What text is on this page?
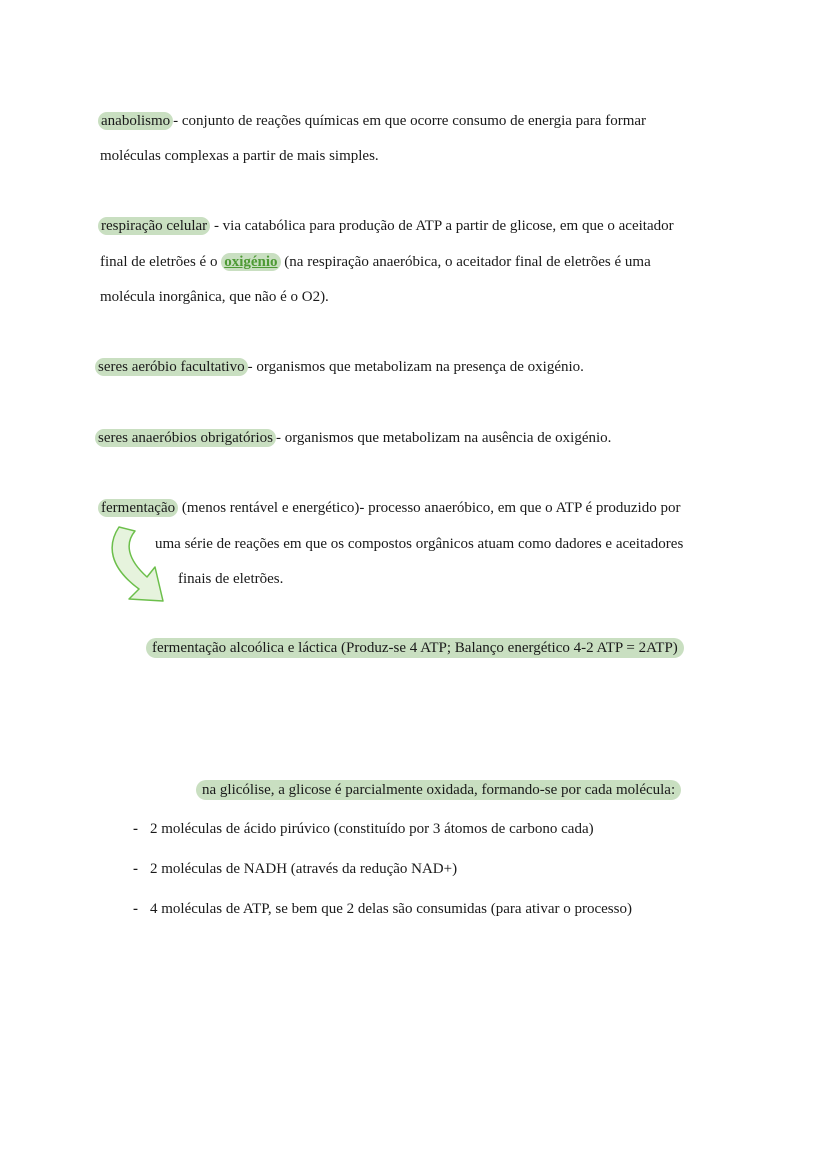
anabolismo - conjunto de reações químicas em que ocorre consumo de energia para formar
moléculas complexas a partir de mais simples.
respiração celular - via catabólica para produção de ATP a partir de glicose, em que o aceitador
final de eletrões é o oxigénio (na respiração anaeróbica, o aceitador final de eletrões é uma
molécula inorgânica, que não é o O2).
seres aeróbio facultativo - organismos que metabolizam na presença de oxigénio.
seres anaeróbios obrigatórios - organismos que metabolizam na ausência de oxigénio.
fermentação (menos rentável e energético)- processo anaeróbico, em que o ATP é produzido por
uma série de reações em que os compostos orgânicos atuam como dadores e aceitadores
finais de eletrões.
fermentação alcoólica e láctica (Produz-se 4 ATP; Balanço energético 4-2 ATP = 2ATP)
na glicólise, a glicose é parcialmente oxidada, formando-se por cada molécula:
- 2 moléculas de ácido pirúvico (constituído por 3 átomos de carbono cada)
- 2 moléculas de NADH (através da redução NAD+)
- 4 moléculas de ATP, se bem que 2 delas são consumidas (para ativar o processo)
